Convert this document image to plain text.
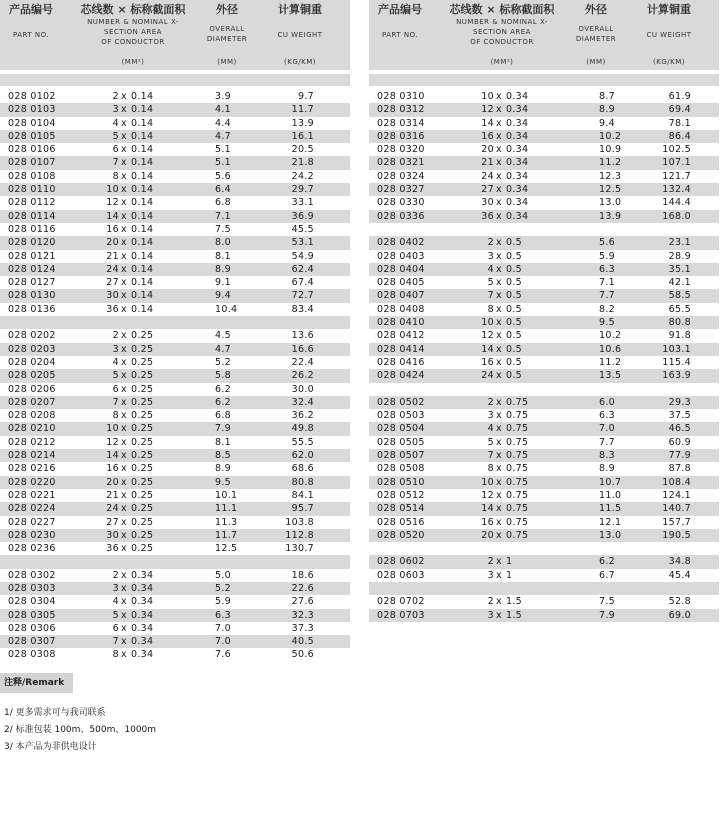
产品编号
PART NO.
芯线数 × 标称截面积
NUMBER & NOMINAL X-
SECTION AREA
OF CONDUCTOR
外径
OVERALL
DIAMETER
计算铜重
CU WEIGHT
(MM²)	(MM)	(KG/KM)
028 0102	2 x 0.14	3.9	9.7
028 0103	3 x 0.14	4.1	11.7
028 0104	4 x 0.14	4.4	13.9
028 0105	5 x 0.14	4.7	16.1
028 0106	6 x 0.14	5.1	20.5
028 0107	7 x 0.14	5.1	21.8
028 0108	8 x 0.14	5.6	24.2
028 0110	10 x 0.14	6.4	29.7
028 0112	12 x 0.14	6.8	33.1
028 0114	14 x 0.14	7.1	36.9
028 0116	16 x 0.14	7.5	45.5
028 0120	20 x 0.14	8.0	53.1
028 0121	21 x 0.14	8.1	54.9
028 0124	24 x 0.14	8.9	62.4
028 0127	27 x 0.14	9.1	67.4
028 0130	30 x 0.14	9.4	72.7
028 0136	36 x 0.14	10.4	83.4
028 0202	2 x 0.25	4.5	13.6
028 0203	3 x 0.25	4.7	16.6
028 0204	4 x 0.25	5.2	22.4
028 0205	5 x 0.25	5.8	26.2
028 0206	6 x 0.25	6.2	30.0
028 0207	7 x 0.25	6.2	32.4
028 0208	8 x 0.25	6.8	36.2
028 0210	10 x 0.25	7.9	49.8
028 0212	12 x 0.25	8.1	55.5
028 0214	14 x 0.25	8.5	62.0
028 0216	16 x 0.25	8.9	68.6
028 0220	20 x 0.25	9.5	80.8
028 0221	21 x 0.25	10.1	84.1
028 0224	24 x 0.25	11.1	95.7
028 0227	27 x 0.25	11.3	103.8
028 0230	30 x 0.25	11.7	112.8
028 0236	36 x 0.25	12.5	130.7
028 0302	2 x 0.34	5.0	18.6
028 0303	3 x 0.34	5.2	22.6
028 0304	4 x 0.34	5.9	27.6
028 0305	5 x 0.34	6.3	32.3
028 0306	6 x 0.34	7.0	37.3
028 0307	7 x 0.34	7.0	40.5
028 0308	8 x 0.34	7.6	50.6
产品编号
PART NO.
芯线数 × 标称截面积
NUMBER & NOMINAL X-
SECTION AREA
OF CONDUCTOR
外径
OVERALL
DIAMETER
计算铜重
CU WEIGHT
(MM²)	(MM)	(KG/KM)
028 0310	10 x 0.34	8.7	61.9
028 0312	12 x 0.34	8.9	69.4
028 0314	14 x 0.34	9.4	78.1
028 0316	16 x 0.34	10.2	86.4
028 0320	20 x 0.34	10.9	102.5
028 0321	21 x 0.34	11.2	107.1
028 0324	24 x 0.34	12.3	121.7
028 0327	27 x 0.34	12.5	132.4
028 0330	30 x 0.34	13.0	144.4
028 0336	36 x 0.34	13.9	168.0
028 0402	2 x 0.5	5.6	23.1
028 0403	3 x 0.5	5.9	28.9
028 0404	4 x 0.5	6.3	35.1
028 0405	5 x 0.5	7.1	42.1
028 0407	7 x 0.5	7.7	58.5
028 0408	8 x 0.5	8.2	65.5
028 0410	10 x 0.5	9.5	80.8
028 0412	12 x 0.5	10.2	91.8
028 0414	14 x 0.5	10.6	103.1
028 0416	16 x 0.5	11.2	115.4
028 0424	24 x 0.5	13.5	163.9
028 0502	2 x 0.75	6.0	29.3
028 0503	3 x 0.75	6.3	37.5
028 0504	4 x 0.75	7.0	46.5
028 0505	5 x 0.75	7.7	60.9
028 0507	7 x 0.75	8.3	77.9
028 0508	8 x 0.75	8.9	87.8
028 0510	10 x 0.75	10.7	108.4
028 0512	12 x 0.75	11.0	124.1
028 0514	14 x 0.75	11.5	140.7
028 0516	16 x 0.75	12.1	157.7
028 0520	20 x 0.75	13.0	190.5
028 0602	2 x 1	6.2	34.8
028 0603	3 x 1	6.7	45.4
028 0702	2 x 1.5	7.5	52.8
028 0703	3 x 1.5	7.9	69.0
注释/Remark
1/ 更多需求可与我司联系
2/ 标准包装 100m、500m、1000m
3/ 本产品为非供电设计
